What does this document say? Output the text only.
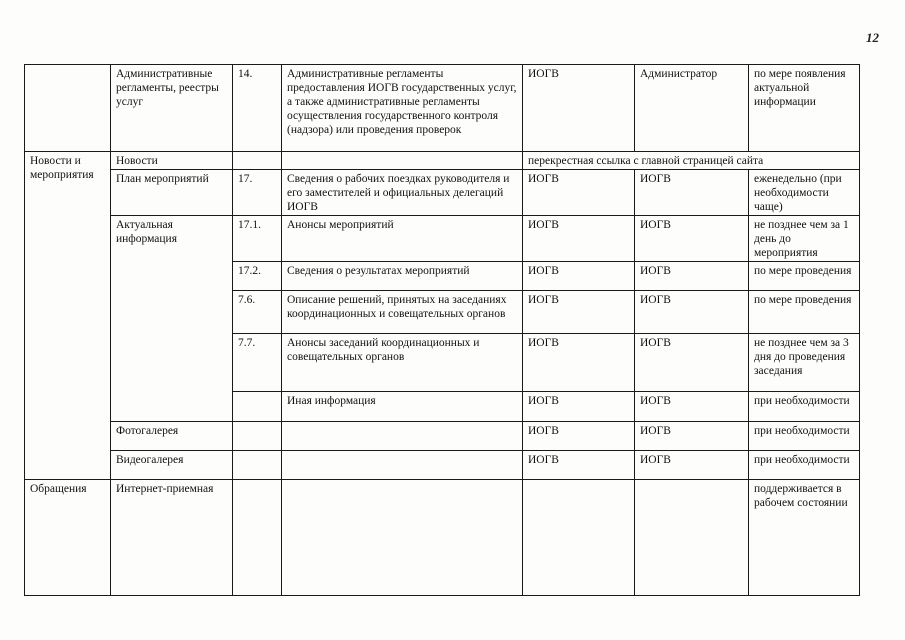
12
	Административные регламенты, реестры услуг	14.	Административные регламенты предоставления ИОГВ государственных услуг, а также административные регламенты осуществления государственного контроля (надзора) или проведения проверок	ИОГВ	Администратор	по мере появления актуальной информации
Новости и мероприятия	Новости			перекрестная ссылка с главной страницей сайта		
	План мероприятий	17.	Сведения о рабочих поездках руководителя и его заместителей и официальных делегаций ИОГВ	ИОГВ	ИОГВ	еженедельно (при необходимости чаще)
	Актуальная информация	17.1.	Анонсы мероприятий	ИОГВ	ИОГВ	не позднее чем за 1 день до мероприятия
		17.2.	Сведения о результатах мероприятий	ИОГВ	ИОГВ	по мере проведения
		7.6.	Описание решений, принятых на заседаниях координационных и совещательных органов	ИОГВ	ИОГВ	по мере проведения
		7.7.	Анонсы заседаний координационных и совещательных органов	ИОГВ	ИОГВ	не позднее чем за 3 дня до проведения заседания
			Иная информация	ИОГВ	ИОГВ	при необходимости
	Фотогалерея			ИОГВ	ИОГВ	при необходимости
	Видеогалерея			ИОГВ	ИОГВ	при необходимости
Обращения	Интернет-приемная					поддерживается в рабочем состоянии
